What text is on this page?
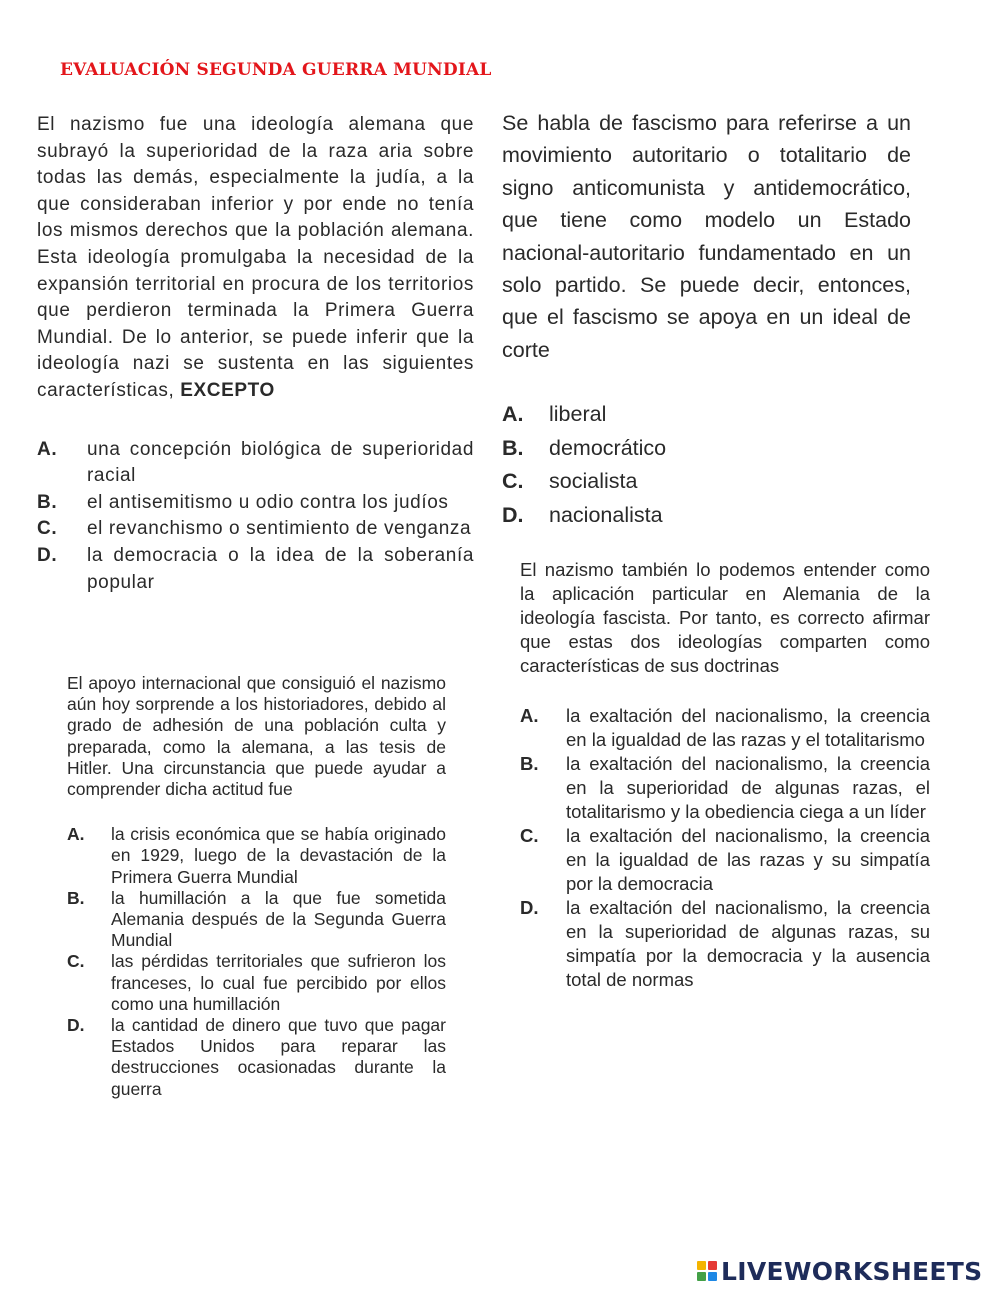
EVALUACIÓN SEGUNDA GUERRA MUNDIAL

El nazismo fue una ideología alemana que subrayó la superioridad de la raza aria sobre todas las demás, especialmente la judía, a la que consideraban inferior y por ende no tenía los mismos derechos que la población alemana. Esta ideología promulgaba la necesidad de la expansión territorial en procura de los territorios que perdieron terminada la Primera Guerra Mundial. De lo anterior, se puede inferir que la ideología nazi se sustenta en las siguientes características, EXCEPTO

A.	una concepción biológica de superioridad racial
B.	el antisemitismo u odio contra los judíos
C.	el revanchismo o sentimiento de venganza
D.	la democracia o la idea de la soberanía popular

Se habla de fascismo para referirse a un movimiento autoritario o totalitario de signo anticomunista y antidemocrático, que tiene como modelo un Estado nacional-autoritario fundamentado en un solo partido. Se puede decir, entonces, que el fascismo se apoya en un ideal de corte

A.	liberal
B.	democrático
C.	socialista
D.	nacionalista

El apoyo internacional que consiguió el nazismo aún hoy sorprende a los historiadores, debido al grado de adhesión de una población culta y preparada, como la alemana, a las tesis de Hitler. Una circunstancia que puede ayudar a comprender dicha actitud fue

A.	la crisis económica que se había originado en 1929, luego de la devastación de la Primera Guerra Mundial
B.	la humillación a la que fue sometida Alemania después de la Segunda Guerra Mundial
C.	las pérdidas territoriales que sufrieron los franceses, lo cual fue percibido por ellos como una humillación
D.	la cantidad de dinero que tuvo que pagar Estados Unidos para reparar las destrucciones ocasionadas durante la guerra

El nazismo también lo podemos entender como la aplicación particular en Alemania de la ideología fascista. Por tanto, es correcto afirmar que estas dos ideologías comparten como características de sus doctrinas

A.	la exaltación del nacionalismo, la creencia en la igualdad de las razas y el totalitarismo
B.	la exaltación del nacionalismo, la creencia en la superioridad de algunas razas, el totalitarismo y la obediencia ciega a un líder
C.	la exaltación del nacionalismo, la creencia en la igualdad de las razas y su simpatía por la democracia
D.	la exaltación del nacionalismo, la creencia en la superioridad de algunas razas, su simpatía por la democracia y la ausencia total de normas
LIVEWORKSHEETS
